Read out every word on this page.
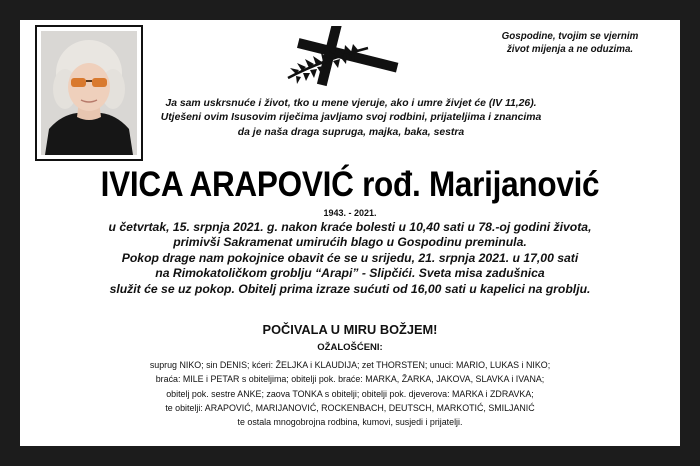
Gospodine, tvojim se vjernim
život mijenja a ne oduzima.
Ja sam uskrsnuće i život, tko u mene vjeruje, ako i umre živjet će (IV 11,26).
Utješeni ovim Isusovim riječima javljamo svoj rodbini, prijateljima i znancima
da je naša draga supruga, majka, baka, sestra
IVICA ARAPOVIĆ rođ. Marijanović
1943. - 2021.
u četvrtak, 15. srpnja 2021. g. nakon kraće bolesti u 10,40 sati u 78.-oj godini života,
primivši Sakramenat umirućih blago u Gospodinu preminula.
Pokop drage nam pokojnice obavit će se u srijedu, 21. srpnja 2021. u 17,00 sati
na Rimokatoličkom groblju “Arapi” - Slipčići. Sveta misa zadušnica
služit će se uz pokop. Obitelj prima izraze sućuti od 16,00 sati u kapelici na groblju.
POČIVALA U MIRU BOŽJEM!
OŽALOŠĆENI:
suprug NIKO; sin DENIS; kćeri: ŽELJKA i KLAUDIJA; zet THORSTEN; unuci: MARIO, LUKAS i NIKO;
braća: MILE i PETAR s obiteljima; obitelji pok. braće: MARKA, ŽARKA, JAKOVA, SLAVKA i IVANA;
obitelj pok. sestre ANKE; zaova TONKA s obitelji; obitelji pok. djeverova: MARKA i ZDRAVKA;
te obitelji: ARAPOVIĆ, MARIJANOVIĆ, ROCKENBACH, DEUTSCH, MARKOTIĆ, SMILJANIĆ
te ostala mnogobrojna rodbina, kumovi, susjedi i prijatelji.
